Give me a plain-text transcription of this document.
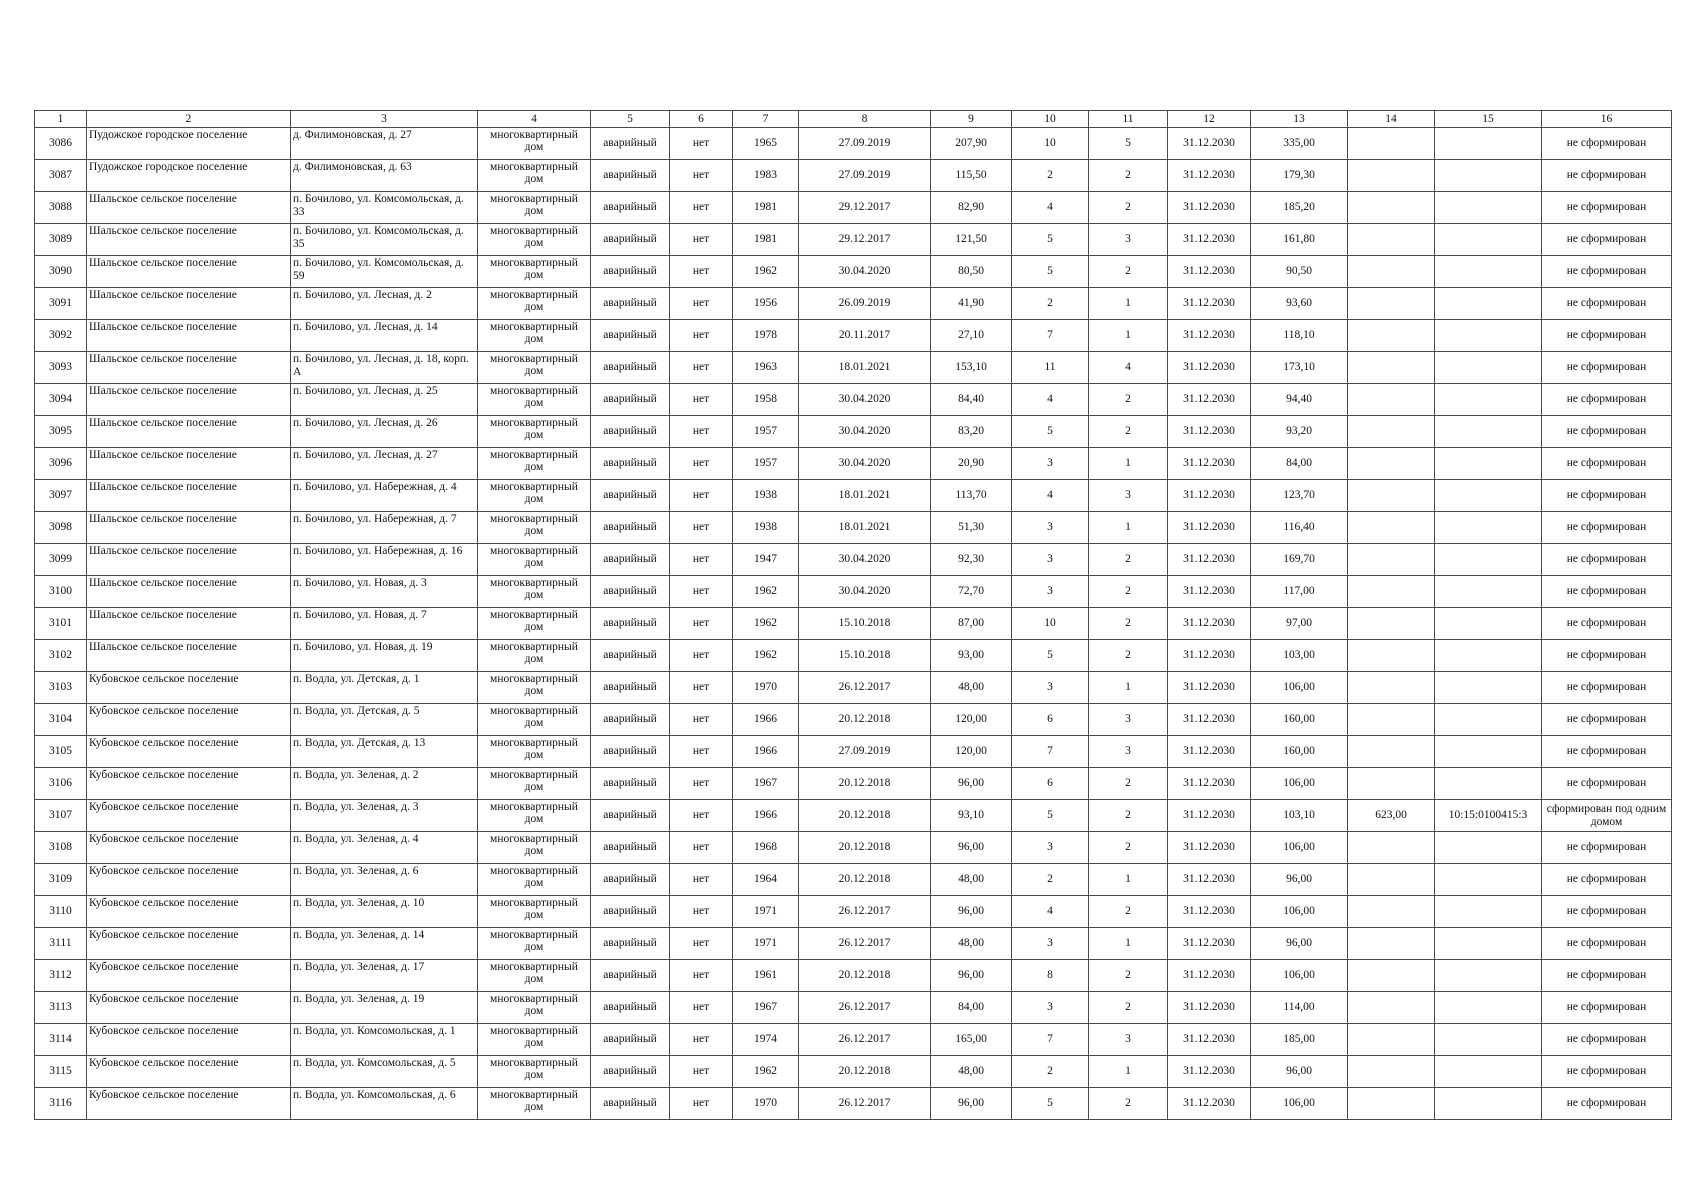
1	2	3	4	5	6	7	8	9	10	11	12	13	14	15	16
3086	Пудожское городское поселение	д. Филимоновская, д. 27	многоквартирный дом	аварийный	нет	1965	27.09.2019	207,90	10	5	31.12.2030	335,00			не сформирован
3087	Пудожское городское поселение	д. Филимоновская, д. 63	многоквартирный дом	аварийный	нет	1983	27.09.2019	115,50	2	2	31.12.2030	179,30			не сформирован
3088	Шальское сельское поселение	п. Бочилово, ул. Комсомольская, д. 33	многоквартирный дом	аварийный	нет	1981	29.12.2017	82,90	4	2	31.12.2030	185,20			не сформирован
3089	Шальское сельское поселение	п. Бочилово, ул. Комсомольская, д. 35	многоквартирный дом	аварийный	нет	1981	29.12.2017	121,50	5	3	31.12.2030	161,80			не сформирован
3090	Шальское сельское поселение	п. Бочилово, ул. Комсомольская, д. 59	многоквартирный дом	аварийный	нет	1962	30.04.2020	80,50	5	2	31.12.2030	90,50			не сформирован
3091	Шальское сельское поселение	п. Бочилово, ул. Лесная, д. 2	многоквартирный дом	аварийный	нет	1956	26.09.2019	41,90	2	1	31.12.2030	93,60			не сформирован
3092	Шальское сельское поселение	п. Бочилово, ул. Лесная, д. 14	многоквартирный дом	аварийный	нет	1978	20.11.2017	27,10	7	1	31.12.2030	118,10			не сформирован
3093	Шальское сельское поселение	п. Бочилово, ул. Лесная, д. 18, корп. А	многоквартирный дом	аварийный	нет	1963	18.01.2021	153,10	11	4	31.12.2030	173,10			не сформирован
3094	Шальское сельское поселение	п. Бочилово, ул. Лесная, д. 25	многоквартирный дом	аварийный	нет	1958	30.04.2020	84,40	4	2	31.12.2030	94,40			не сформирован
3095	Шальское сельское поселение	п. Бочилово, ул. Лесная, д. 26	многоквартирный дом	аварийный	нет	1957	30.04.2020	83,20	5	2	31.12.2030	93,20			не сформирован
3096	Шальское сельское поселение	п. Бочилово, ул. Лесная, д. 27	многоквартирный дом	аварийный	нет	1957	30.04.2020	20,90	3	1	31.12.2030	84,00			не сформирован
3097	Шальское сельское поселение	п. Бочилово, ул. Набережная, д. 4	многоквартирный дом	аварийный	нет	1938	18.01.2021	113,70	4	3	31.12.2030	123,70			не сформирован
3098	Шальское сельское поселение	п. Бочилово, ул. Набережная, д. 7	многоквартирный дом	аварийный	нет	1938	18.01.2021	51,30	3	1	31.12.2030	116,40			не сформирован
3099	Шальское сельское поселение	п. Бочилово, ул. Набережная, д. 16	многоквартирный дом	аварийный	нет	1947	30.04.2020	92,30	3	2	31.12.2030	169,70			не сформирован
3100	Шальское сельское поселение	п. Бочилово, ул. Новая, д. 3	многоквартирный дом	аварийный	нет	1962	30.04.2020	72,70	3	2	31.12.2030	117,00			не сформирован
3101	Шальское сельское поселение	п. Бочилово, ул. Новая, д. 7	многоквартирный дом	аварийный	нет	1962	15.10.2018	87,00	10	2	31.12.2030	97,00			не сформирован
3102	Шальское сельское поселение	п. Бочилово, ул. Новая, д. 19	многоквартирный дом	аварийный	нет	1962	15.10.2018	93,00	5	2	31.12.2030	103,00			не сформирован
3103	Кубовское сельское поселение	п. Водла, ул. Детская, д. 1	многоквартирный дом	аварийный	нет	1970	26.12.2017	48,00	3	1	31.12.2030	106,00			не сформирован
3104	Кубовское сельское поселение	п. Водла, ул. Детская, д. 5	многоквартирный дом	аварийный	нет	1966	20.12.2018	120,00	6	3	31.12.2030	160,00			не сформирован
3105	Кубовское сельское поселение	п. Водла, ул. Детская, д. 13	многоквартирный дом	аварийный	нет	1966	27.09.2019	120,00	7	3	31.12.2030	160,00			не сформирован
3106	Кубовское сельское поселение	п. Водла, ул. Зеленая, д. 2	многоквартирный дом	аварийный	нет	1967	20.12.2018	96,00	6	2	31.12.2030	106,00			не сформирован
3107	Кубовское сельское поселение	п. Водла, ул. Зеленая, д. 3	многоквартирный дом	аварийный	нет	1966	20.12.2018	93,10	5	2	31.12.2030	103,10	623,00	10:15:0100415:3	сформирован под одним домом
3108	Кубовское сельское поселение	п. Водла, ул. Зеленая, д. 4	многоквартирный дом	аварийный	нет	1968	20.12.2018	96,00	3	2	31.12.2030	106,00			не сформирован
3109	Кубовское сельское поселение	п. Водла, ул. Зеленая, д. 6	многоквартирный дом	аварийный	нет	1964	20.12.2018	48,00	2	1	31.12.2030	96,00			не сформирован
3110	Кубовское сельское поселение	п. Водла, ул. Зеленая, д. 10	многоквартирный дом	аварийный	нет	1971	26.12.2017	96,00	4	2	31.12.2030	106,00			не сформирован
3111	Кубовское сельское поселение	п. Водла, ул. Зеленая, д. 14	многоквартирный дом	аварийный	нет	1971	26.12.2017	48,00	3	1	31.12.2030	96,00			не сформирован
3112	Кубовское сельское поселение	п. Водла, ул. Зеленая, д. 17	многоквартирный дом	аварийный	нет	1961	20.12.2018	96,00	8	2	31.12.2030	106,00			не сформирован
3113	Кубовское сельское поселение	п. Водла, ул. Зеленая, д. 19	многоквартирный дом	аварийный	нет	1967	26.12.2017	84,00	3	2	31.12.2030	114,00			не сформирован
3114	Кубовское сельское поселение	п. Водла, ул. Комсомольская, д. 1	многоквартирный дом	аварийный	нет	1974	26.12.2017	165,00	7	3	31.12.2030	185,00			не сформирован
3115	Кубовское сельское поселение	п. Водла, ул. Комсомольская, д. 5	многоквартирный дом	аварийный	нет	1962	20.12.2018	48,00	2	1	31.12.2030	96,00			не сформирован
3116	Кубовское сельское поселение	п. Водла, ул. Комсомольская, д. 6	многоквартирный дом	аварийный	нет	1970	26.12.2017	96,00	5	2	31.12.2030	106,00			не сформирован
